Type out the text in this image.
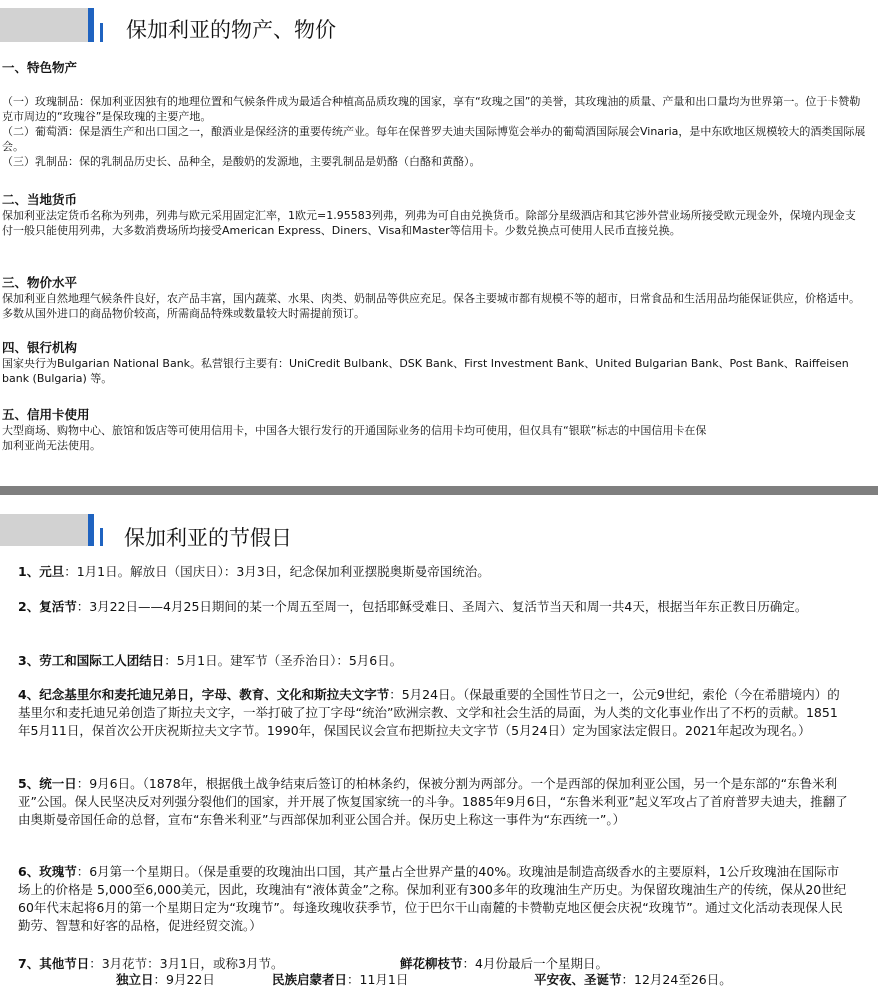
保加利亚的物产、物价
一、特色物产

（一）玫瑰制品：保加利亚因独有的地理位置和气候条件成为最适合种植高品质玫瑰的国家，享有“玫瑰之国”的美誉，其玫瑰油的质量、产量和出口量均为世界第一。位于卡赞勒克市周边的“玫瑰谷”是保玫瑰的主要产地。

（二）葡萄酒：保是酒生产和出口国之一，酿酒业是保经济的重要传统产业。每年在保普罗夫迪夫国际博览会举办的葡萄酒国际展会Vinaria，是中东欧地区规模较大的酒类国际展会。

（三）乳制品：保的乳制品历史长、品种全，是酸奶的发源地，主要乳制品是奶酪（白酪和黄酪）。

二、当地货币
保加利亚法定货币名称为列弗，列弗与欧元采用固定汇率，1欧元=1.95583列弗，列弗为可自由兑换货币。除部分星级酒店和其它涉外营业场所接受欧元现金外，保境内现金支付一般只能使用列弗，大多数消费场所均接受American Express、Diners、Visa和Master等信用卡。少数兑换点可使用人民币直接兑换。
三、物价水平
保加利亚自然地理气候条件良好，农产品丰富，国内蔬菜、水果、肉类、奶制品等供应充足。保各主要城市都有规模不等的超市，日常食品和生活用品均能保证供应，价格适中。多数从国外进口的商品物价较高，所需商品特殊或数量较大时需提前预订。
四、银行机构
国家央行为Bulgarian National Bank。私营银行主要有：UniCredit Bulbank、DSK Bank、First Investment Bank、United Bulgarian Bank、Post Bank、Raiffeisen bank (Bulgaria) 等。
五、信用卡使用

大型商场、购物中心、旅馆和饭店等可使用信用卡，中国各大银行发行的开通国际业务的信用卡均可使用，但仅具有“银联”标志的中国信用卡在保

加利亚尚无法使用。

保加利亚的节假日
1、元旦：1月1日。解放日（国庆日）：3月3日，纪念保加利亚摆脱奥斯曼帝国统治。
2、复活节：3月22日——4月25日期间的某一个周五至周一，包括耶稣受难日、圣周六、复活节当天和周一共4天，根据当年东正教日历确定。
3、劳工和国际工人团结日：5月1日。建军节（圣乔治日）：5月6日。
4、纪念基里尔和麦托迪兄弟日，字母、教育、文化和斯拉夫文字节：5月24日。（保最重要的全国性节日之一，公元9世纪，索伦（今在希腊境内）的基里尔和麦托迪兄弟创造了斯拉夫文字，一举打破了拉丁字母“统治”欧洲宗教、文学和社会生活的局面，为人类的文化事业作出了不朽的贡献。1851年5月11日，保首次公开庆祝斯拉夫文字节。1990年，保国民议会宣布把斯拉夫文字节（5月24日）定为国家法定假日。2021年起改为现名。）
5、统一日：9月6日。（1878年，根据俄土战争结束后签订的柏林条约，保被分割为两部分。一个是西部的保加利亚公国，另一个是东部的“东鲁米利亚”公国。保人民坚决反对列强分裂他们的国家，并开展了恢复国家统一的斗争。1885年9月6日，“东鲁米利亚”起义军攻占了首府普罗夫迪夫，推翻了由奥斯曼帝国任命的总督，宣布“东鲁米利亚”与西部保加利亚公国合并。保历史上称这一事件为“东西统一”。）
6、玫瑰节：6月第一个星期日。（保是重要的玫瑰油出口国，其产量占全世界产量的40%。玫瑰油是制造高级香水的主要原料，1公斤玫瑰油在国际市场上的价格是 5,000至6,000美元，因此，玫瑰油有“液体黄金”之称。保加利亚有300多年的玫瑰油生产历史。为保留玫瑰油生产的传统，保从20世纪60年代末起将6月的第一个星期日定为“玫瑰节”。每逢玫瑰收获季节，位于巴尔干山南麓的卡赞勒克地区便会庆祝“玫瑰节”。通过文化活动表现保人民勤劳、智慧和好客的品格，促进经贸交流。）
7、其他节日：3月花节：3月1日，或称3月节。	鲜花柳枝节：4月份最后一个星期日。
独立日：9月22日	民族启蒙者日：11月1日	平安夜、圣诞节：12月24至26日。
